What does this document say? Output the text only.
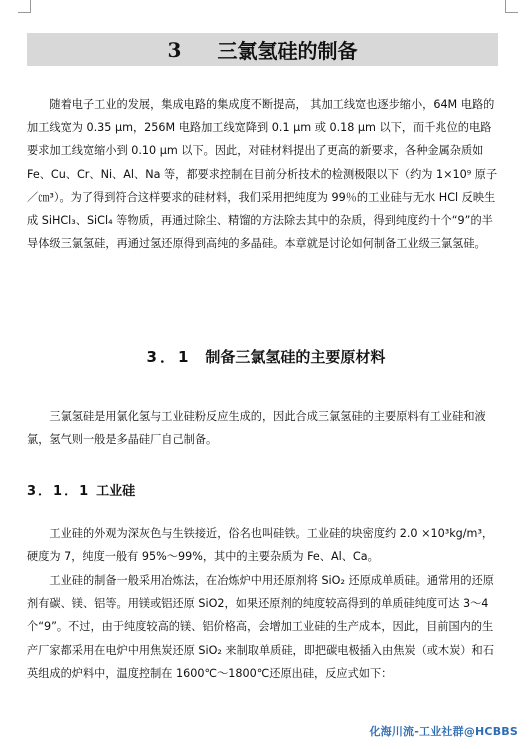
3 三氯氢硅的制备

随着电子工业的发展，集成电路的集成度不断提高， 其加工线宽也逐步缩小，64M 电路的加工线宽为 0.35 μm，256M 电路加工线宽降到 0.1 μm 或 0.18 μm 以下，而千兆位的电路要求加工线宽缩小到 0.10 μm 以下。因此，对硅材料提出了更高的新要求，各种金属杂质如 Fe、Cu、Cr、Ni、Al、Na 等，都要求控制在目前分析技术的检测极限以下（约为 1×10⁹ 原子／㎝³）。为了得到符合这样要求的硅材料，我们采用把纯度为 99％的工业硅与无水 HCl 反映生成 SiHCl₃、SiCl₄ 等物质，再通过除尘、精馏的方法除去其中的杂质，得到纯度约十个“9”的半导体级三氯氢硅，再通过氢还原得到高纯的多晶硅。本章就是讨论如何制备工业级三氯氢硅。

3．1 制备三氯氢硅的主要原材料

三氯氢硅是用氯化氢与工业硅粉反应生成的，因此合成三氯氢硅的主要原料有工业硅和液氯，氢气则一般是多晶硅厂自己制备。

3．1．1 工业硅

工业硅的外观为深灰色与生铁接近，俗名也叫硅铁。工业硅的块密度约 2.0 ×10³kg/m³，硬度为 7，纯度一般有 95%～99%，其中的主要杂质为 Fe、Al、Ca。

工业硅的制备一般采用冶炼法，在冶炼炉中用还原剂将 SiO₂ 还原成单质硅。通常用的还原剂有碳、镁、铝等。用镁或铝还原 SiO2，如果还原剂的纯度较高得到的单质硅纯度可达 3～4 个“9”。不过，由于纯度较高的镁、铝价格高，会增加工业硅的生产成本，因此，目前国内的生产厂家都采用在电炉中用焦炭还原 SiO₂ 来制取单质硅，即把碳电极插入由焦炭（或木炭）和石英组成的炉料中，温度控制在 1600℃～1800℃还原出硅，反应式如下：

化海川流-工业社群@HCBBS
